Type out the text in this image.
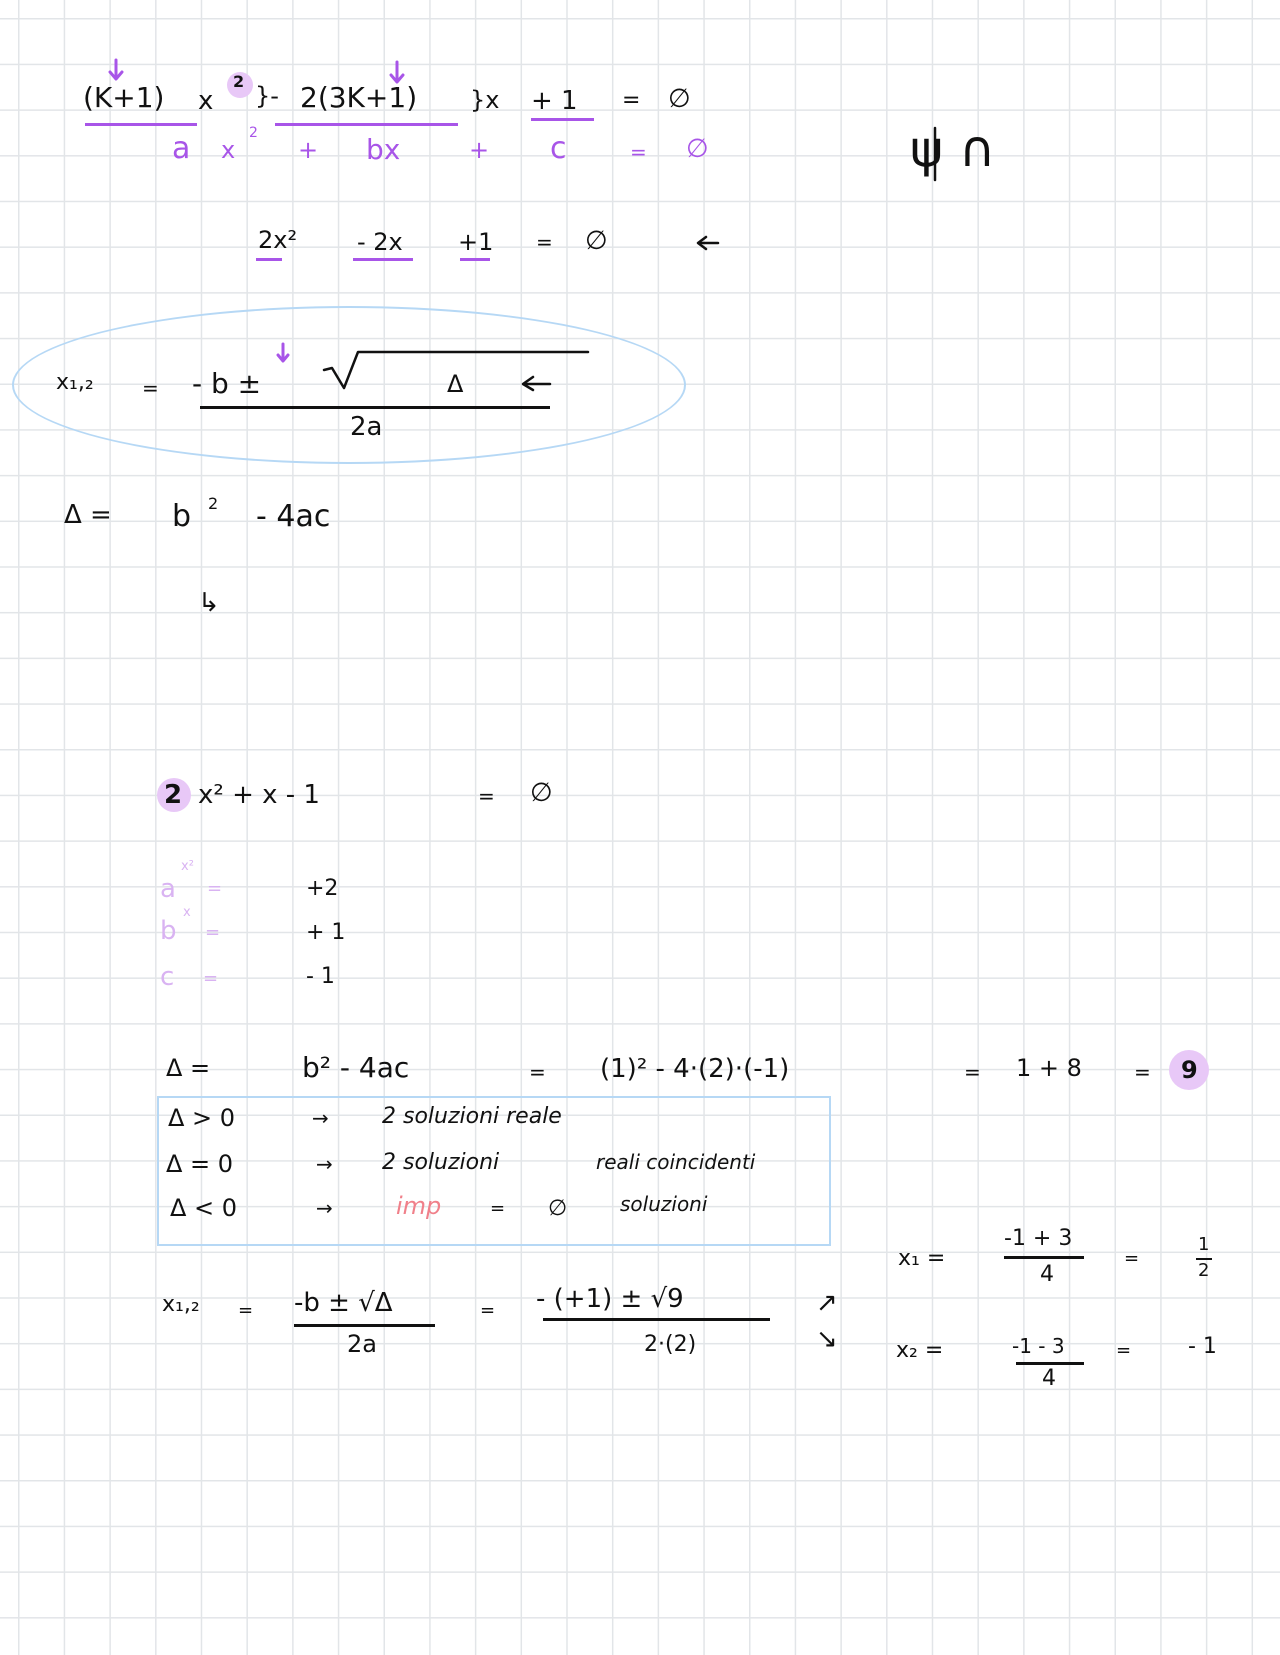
(K+1) x
2
}- 2(3K+1) }x + 1 = ∅
a x
2
+ bx	+ c	= ∅	ψ ∩
2x² - 2x +1 = ∅
x₁,₂ = - b ±	Δ
2a
Δ = b 2 - 4ac
↳
2 x² + x - 1	= ∅
a
x²
=	+2
b
x
=	+ 1
c =	- 1
Δ =	b² - 4ac	= (1)² - 4·(2)·(-1)	= 1 + 8	= 9
Δ > 0	→ 2 soluzioni reale
Δ = 0	→ 2 soluzioni	reali coincidenti
Δ < 0	→	imp	= ∅	soluzioni
x₁,₂ = -b ± √Δ
2a
= - (+1) ± √9
2·(2)
↗
↘
x₁ =
-1 + 3
4
=
1
2
x₂ =	-1 - 3
4
=	- 1
